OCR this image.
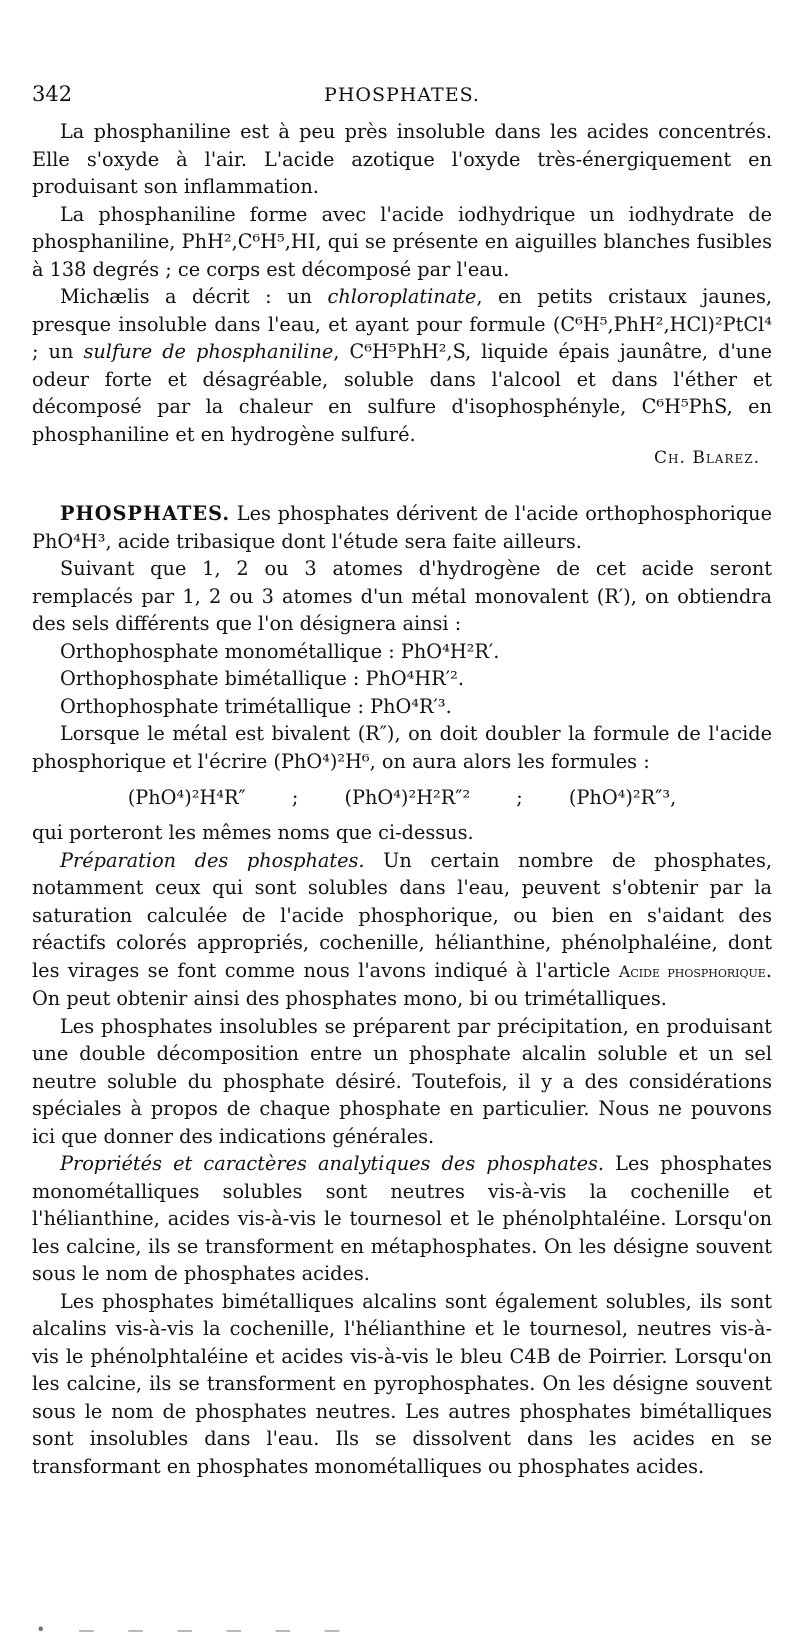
342	PHOSPHATES.

La phosphaniline est à peu près insoluble dans les acides concentrés. Elle s'oxyde à l'air. L'acide azotique l'oxyde très-énergiquement en produisant son inflammation.

La phosphaniline forme avec l'acide iodhydrique un iodhydrate de phosphaniline, PhH²,C⁶H⁵,HI, qui se présente en aiguilles blanches fusibles à 138 degrés ; ce corps est décomposé par l'eau.

Michælis a décrit : un chloroplatinate, en petits cristaux jaunes, presque insoluble dans l'eau, et ayant pour formule (C⁶H⁵,PhH²,HCl)²PtCl⁴ ; un sulfure de phosphaniline, C⁶H⁵PhH²,S, liquide épais jaunâtre, d'une odeur forte et désagréable, soluble dans l'alcool et dans l'éther et décomposé par la chaleur en sulfure d'isophosphényle, C⁶H⁵PhS, en phosphaniline et en hydrogène sulfuré.

Ch. Blarez.

PHOSPHATES. Les phosphates dérivent de l'acide orthophosphorique PhO⁴H³, acide tribasique dont l'étude sera faite ailleurs.

Suivant que 1, 2 ou 3 atomes d'hydrogène de cet acide seront remplacés par 1, 2 ou 3 atomes d'un métal monovalent (R′), on obtiendra des sels différents que l'on désignera ainsi :

Orthophosphate monométallique : PhO⁴H²R′.

Orthophosphate bimétallique : PhO⁴HR′².

Orthophosphate trimétallique : PhO⁴R′³.

Lorsque le métal est bivalent (R″), on doit doubler la formule de l'acide phosphorique et l'écrire (PhO⁴)²H⁶, on aura alors les formules :

(PhO⁴)²H⁴R″ ; (PhO⁴)²H²R″² ; (PhO⁴)²R″³,

qui porteront les mêmes noms que ci-dessus.

Préparation des phosphates. Un certain nombre de phosphates, notamment ceux qui sont solubles dans l'eau, peuvent s'obtenir par la saturation calculée de l'acide phosphorique, ou bien en s'aidant des réactifs colorés appropriés, cochenille, hélianthine, phénolphaléine, dont les virages se font comme nous l'avons indiqué à l'article Acide phosphorique. On peut obtenir ainsi des phosphates mono, bi ou trimétalliques.

Les phosphates insolubles se préparent par précipitation, en produisant une double décomposition entre un phosphate alcalin soluble et un sel neutre soluble du phosphate désiré. Toutefois, il y a des considérations spéciales à propos de chaque phosphate en particulier. Nous ne pouvons ici que donner des indications générales.

Propriétés et caractères analytiques des phosphates. Les phosphates monométalliques solubles sont neutres vis-à-vis la cochenille et l'hélianthine, acides vis-à-vis le tournesol et le phénolphtaléine. Lorsqu'on les calcine, ils se transforment en métaphosphates. On les désigne souvent sous le nom de phosphates acides.

Les phosphates bimétalliques alcalins sont également solubles, ils sont alcalins vis-à-vis la cochenille, l'hélianthine et le tournesol, neutres vis-à-vis le phénolphtaléine et acides vis-à-vis le bleu C4B de Poirrier. Lorsqu'on les calcine, ils se transforment en pyrophosphates. On les désigne souvent sous le nom de phosphates neutres. Les autres phosphates bimétalliques sont insolubles dans l'eau. Ils se dissolvent dans les acides en se transformant en phosphates monométalliques ou phosphates acides.

• — — — — — —
